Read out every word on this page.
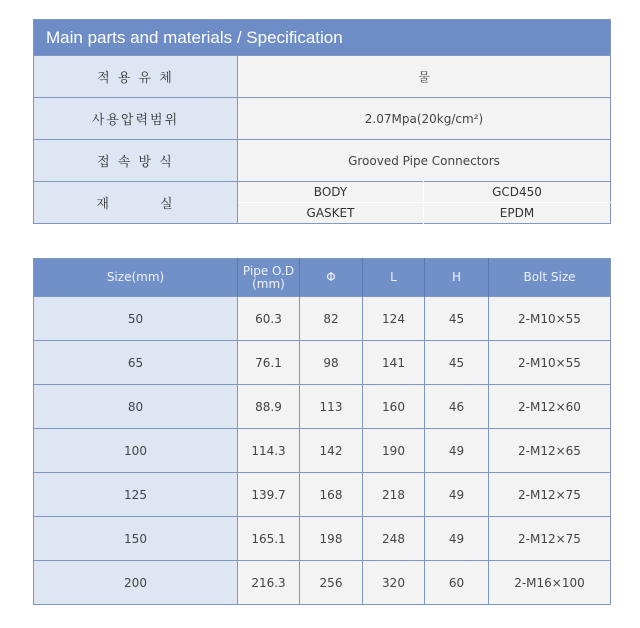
Main parts and materials / Specification		
적 용 유 체	물	
사용압력범위	2.07Mpa(20kg/cm²)	
접 속 방 식	Grooved Pipe Connectors	
재        실	BODY	GCD450
	GASKET	EPDM
Size(mm)	Pipe O.D (mm)	Φ	L	H	Bolt Size
50	60.3	82	124	45	2-M10×55
65	76.1	98	141	45	2-M10×55
80	88.9	113	160	46	2-M12×60
100	114.3	142	190	49	2-M12×65
125	139.7	168	218	49	2-M12×75
150	165.1	198	248	49	2-M12×75
200	216.3	256	320	60	2-M16×100
